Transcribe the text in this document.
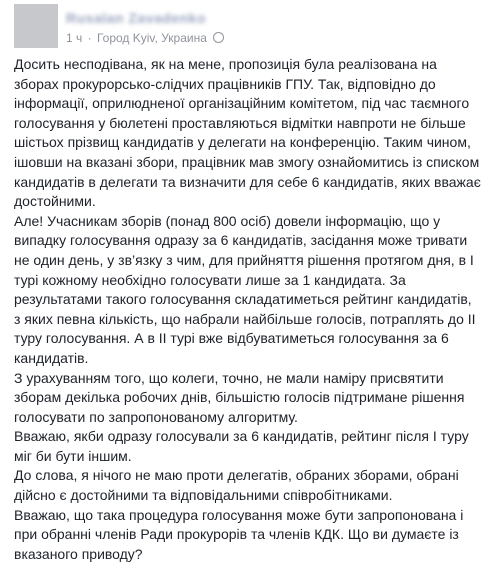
Rusalan Zavadenko
1 ч · Город Kyiv, Украина

Досить несподівана, як на мене, пропозиція була реалізована на
зборах прокурорсько-слідчих працівників ГПУ. Так, відповідно до
інформації, оприлюдненої організаційним комітетом, під час таємного
голосування у бюлетені проставляються відмітки навпроти не більше
шістьох прізвищ кандидатів у делегати на конференцію. Таким чином,
ішовши на вказані збори, працівник мав змогу ознайомитись із списком
кандидатів в делегати та визначити для себе 6 кандидатів, яких вважає
достойними.

Але! Учасникам зборів (понад 800 осіб) довели інформацію, що у
випадку голосування одразу за 6 кандидатів, засідання може тривати
не один день, у зв’язку з чим, для прийняття рішення протягом дня, в І
турі кожному необхідно голосувати лише за 1 кандидата. За
результатами такого голосування складатиметься рейтинг кандидатів,
з яких певна кількість, що набрали найбільше голосів, потраплять до ІІ
туру голосування. А в ІІ турі вже відбуватиметься голосування за 6
кандидатів.

З урахуванням того, що колеги, точно, не мали наміру присвятити
зборам декілька робочих днів, більшістю голосів підтримане рішення
голосувати по запропонованому алгоритму.

Вважаю, якби одразу голосували за 6 кандидатів, рейтинг після І туру
міг би бути іншим.

До слова, я нічого не маю проти делегатів, обраних зборами, обрані
дійсно є достойними та відповідальними співробітниками.

Вважаю, що така процедура голосування може бути запропонована і
при обранні членів Ради прокурорів та членів КДК. Що ви думаєте із
вказаного приводу?
